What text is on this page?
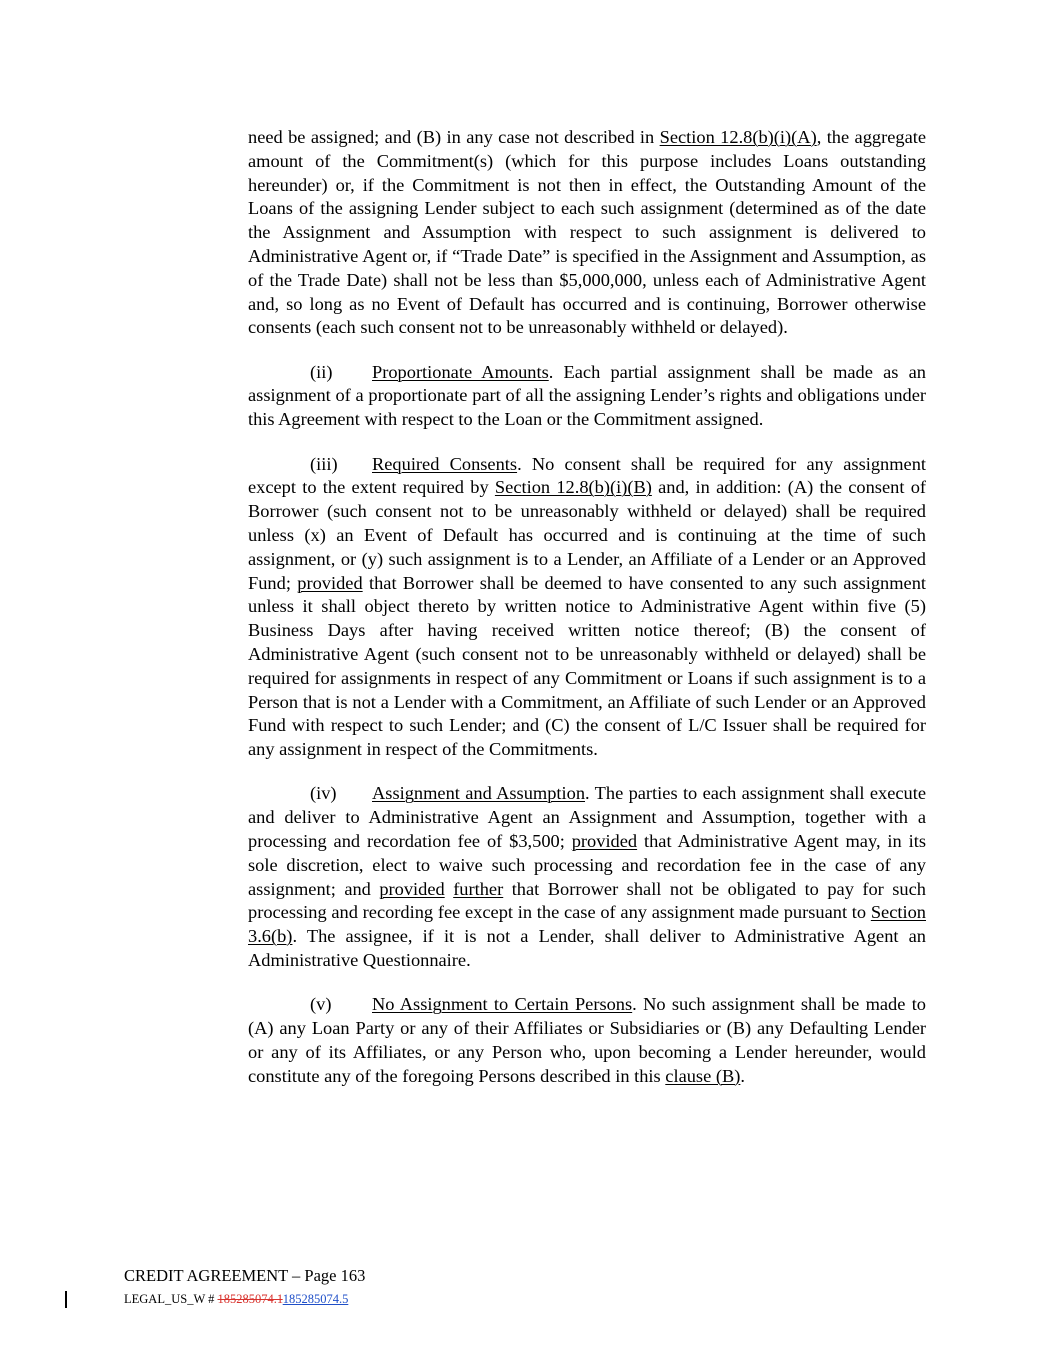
need be assigned; and (B) in any case not described in Section 12.8(b)(i)(A), the aggregate amount of the Commitment(s) (which for this purpose includes Loans outstanding hereunder) or, if the Commitment is not then in effect, the Outstanding Amount of the Loans of the assigning Lender subject to each such assignment (determined as of the date the Assignment and Assumption with respect to such assignment is delivered to Administrative Agent or, if “Trade Date” is specified in the Assignment and Assumption, as of the Trade Date) shall not be less than $5,000,000, unless each of Administrative Agent and, so long as no Event of Default has occurred and is continuing, Borrower otherwise consents (each such consent not to be unreasonably withheld or delayed).

(ii) Proportionate Amounts. Each partial assignment shall be made as an assignment of a proportionate part of all the assigning Lender’s rights and obligations under this Agreement with respect to the Loan or the Commitment assigned.

(iii) Required Consents. No consent shall be required for any assignment except to the extent required by Section 12.8(b)(i)(B) and, in addition: (A) the consent of Borrower (such consent not to be unreasonably withheld or delayed) shall be required unless (x) an Event of Default has occurred and is continuing at the time of such assignment, or (y) such assignment is to a Lender, an Affiliate of a Lender or an Approved Fund; provided that Borrower shall be deemed to have consented to any such assignment unless it shall object thereto by written notice to Administrative Agent within five (5) Business Days after having received written notice thereof; (B) the consent of Administrative Agent (such consent not to be unreasonably withheld or delayed) shall be required for assignments in respect of any Commitment or Loans if such assignment is to a Person that is not a Lender with a Commitment, an Affiliate of such Lender or an Approved Fund with respect to such Lender; and (C) the consent of L/C Issuer shall be required for any assignment in respect of the Commitments.

(iv) Assignment and Assumption. The parties to each assignment shall execute and deliver to Administrative Agent an Assignment and Assumption, together with a processing and recordation fee of $3,500; provided that Administrative Agent may, in its sole discretion, elect to waive such processing and recordation fee in the case of any assignment; and provided further that Borrower shall not be obligated to pay for such processing and recording fee except in the case of any assignment made pursuant to Section 3.6(b). The assignee, if it is not a Lender, shall deliver to Administrative Agent an Administrative Questionnaire.

(v) No Assignment to Certain Persons. No such assignment shall be made to (A) any Loan Party or any of their Affiliates or Subsidiaries or (B) any Defaulting Lender or any of its Affiliates, or any Person who, upon becoming a Lender hereunder, would constitute any of the foregoing Persons described in this clause (B).

CREDIT AGREEMENT – Page 163
LEGAL_US_W # 185285074.1185285074.5
